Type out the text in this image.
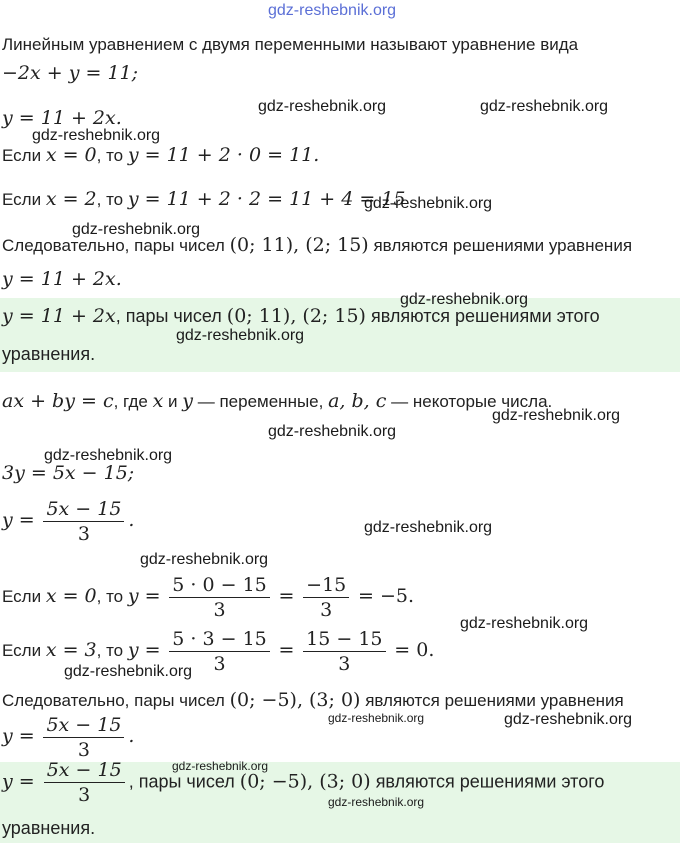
gdz-reshebnik.org
Линейным уравнением с двумя переменными называют уравнение вида
−2x + y = 11;
y = 11 + 2x.
Если x = 0, то y = 11 + 2 · 0 = 11.
Если x = 2, то y = 11 + 2 · 2 = 11 + 4 = 15
Следовательно, пары чисел (0; 11), (2; 15) являются решениями уравнения
y = 11 + 2x.
y = 11 + 2x, пары чисел (0; 11), (2; 15) являются решениями этого
уравнения.
ax + by = c, где x и y — переменные, a, b, c — некоторые числа.
3y = 5x − 15;
$y = \frac{5x - 15}{3}$ .
Если x = 0, то $y = \frac{5 \cdot 0 - 15}{3} = \frac{-15}{3} = -5$.
Если x = 3, то $y = \frac{5 \cdot 3 - 15}{3} = \frac{15 - 15}{3} = 0$.
Следовательно, пары чисел (0; −5), (3; 0) являются решениями уравнения
$y = \frac{5x - 15}{3}$ .
$y = \frac{5x - 15}{3}$ , пары чисел (0; −5), (3; 0) являются решениями этого
уравнения.
gdz-reshebnik.org	gdz-reshebnik.org
gdz-reshebnik.org
gdz-reshebnik.org
gdz-reshebnik.org
gdz-reshebnik.org
gdz-reshebnik.org
gdz-reshebnik.org
gdz-reshebnik.org
gdz-reshebnik.org
gdz-reshebnik.org
gdz-reshebnik.org
gdz-reshebnik.org
gdz-reshebnik.org
gdz-reshebnik.org	gdz-reshebnik.org
gdz-reshebnik.org
gdz-reshebnik.org
